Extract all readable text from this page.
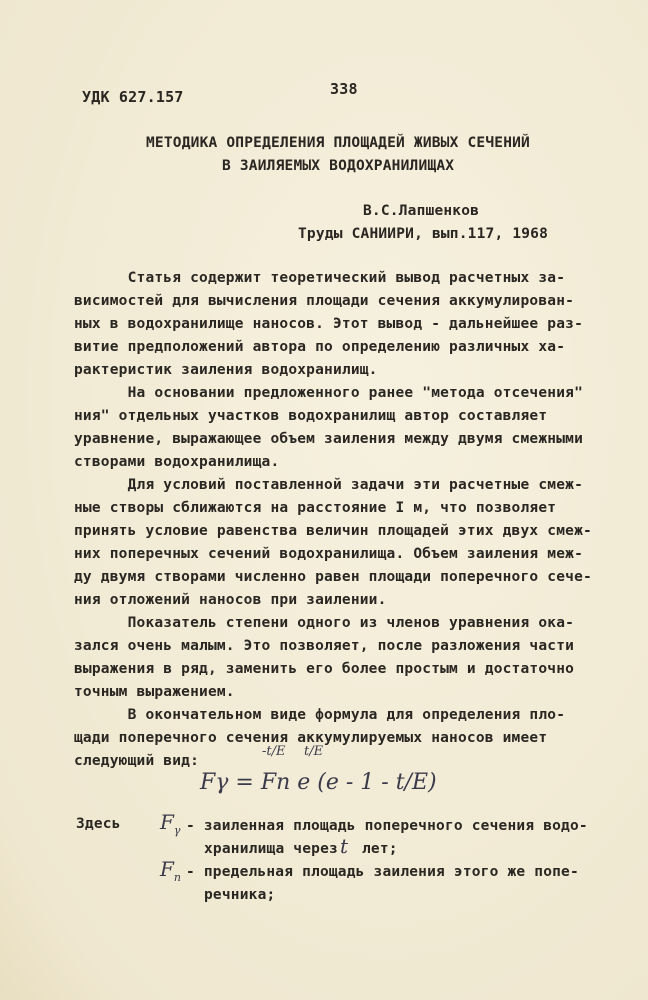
УДК 627.157	338
МЕТОДИКА ОПРЕДЕЛЕНИЯ ПЛОЩАДЕЙ ЖИВЫХ СЕЧЕНИЙ
В ЗАИЛЯЕМЫХ ВОДОХРАНИЛИЩАХ
В.С.Лапшенков
Труды САНИИРИ, вып.117, 1968
Статья содержит теоретический вывод расчетных за-
висимостей для вычисления площади сечения аккумулирован-
ных в водохранилище наносов. Этот вывод - дальнейшее раз-
витие предположений автора по определению различных ха-
рактеристик заиления водохранилищ.
На основании предложенного ранее "метода отсечения"
ния" отдельных участков водохранилищ автор составляет
уравнение, выражающее объем заиления между двумя смежными
створами водохранилища.
Для условий поставленной задачи эти расчетные смеж-
ные створы сближаются на расстояние I м, что позволяет
принять условие равенства величин площадей этих двух смеж-
них поперечных сечений водохранилища. Объем заиления меж-
ду двумя створами численно равен площади поперечного сече-
ния отложений наносов при заилении.
Показатель степени одного из членов уравнения ока-
зался очень малым. Это позволяет, после разложения части
выражения в ряд, заменить его более простым и достаточно
точным выражением.
В окончательном виде формула для определения пло-
щади поперечного сечения аккумулируемых наносов имеет
следующий вид:
-t/E t/E
Fγ = Fп e (e - 1 - t/E)
Здесь $F_\gamma$ - заиленная площадь поперечного сечения водо-
хранилища через t лет;
$F_п$ - предельная площадь заиления этого же попе-
речника;
